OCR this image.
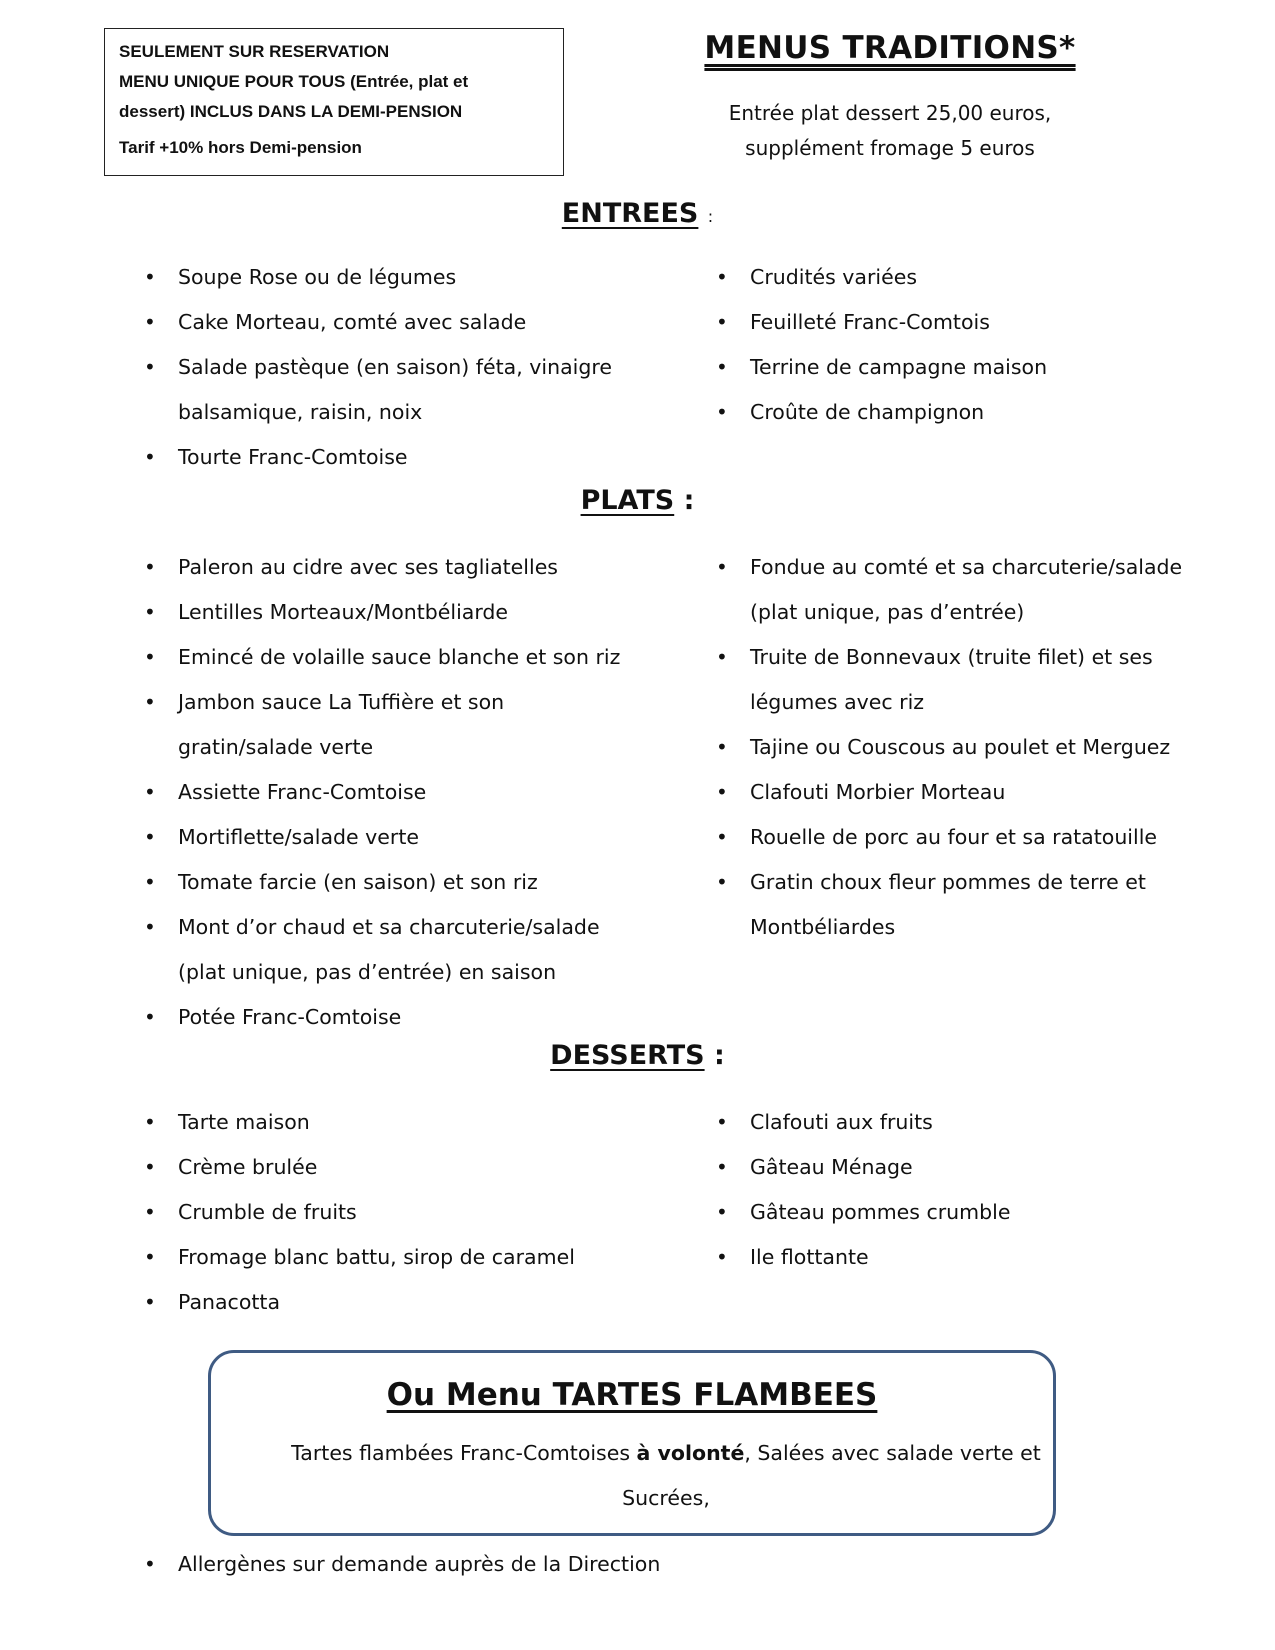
SEULEMENT SUR RESERVATION
MENU UNIQUE POUR TOUS (Entrée, plat et
dessert) INCLUS DANS LA DEMI-PENSION
Tarif +10% hors Demi-pension
MENUS TRADITIONS*
Entrée plat dessert 25,00 euros,
supplément fromage 5 euros
ENTREES :
• Soupe Rose ou de légumes
• Cake Morteau, comté avec salade
• Salade pastèque (en saison) féta, vinaigre balsamique, raisin, noix
• Tourte Franc-Comtoise
• Crudités variées
• Feuilleté Franc-Comtois
• Terrine de campagne maison
• Croûte de champignon
PLATS :
• Paleron au cidre avec ses tagliatelles
• Lentilles Morteaux/Montbéliarde
• Emincé de volaille sauce blanche et son riz
• Jambon sauce La Tuffière et son gratin/salade verte
• Assiette Franc-Comtoise
• Mortiflette/salade verte
• Tomate farcie (en saison) et son riz
• Mont d’or chaud et sa charcuterie/salade (plat unique, pas d’entrée) en saison
• Potée Franc-Comtoise
• Fondue au comté et sa charcuterie/salade (plat unique, pas d’entrée)
• Truite de Bonnevaux (truite filet) et ses légumes avec riz
• Tajine ou Couscous au poulet et Merguez
• Clafouti Morbier Morteau
• Rouelle de porc au four et sa ratatouille
• Gratin choux fleur pommes de terre et Montbéliardes
DESSERTS :
• Tarte maison
• Crème brulée
• Crumble de fruits
• Fromage blanc battu, sirop de caramel
• Panacotta
• Clafouti aux fruits
• Gâteau Ménage
• Gâteau pommes crumble
• Ile flottante
Ou Menu TARTES FLAMBEES
Tartes flambées Franc-Comtoises à volonté, Salées avec salade verte et Sucrées,
• Allergènes sur demande auprès de la Direction
